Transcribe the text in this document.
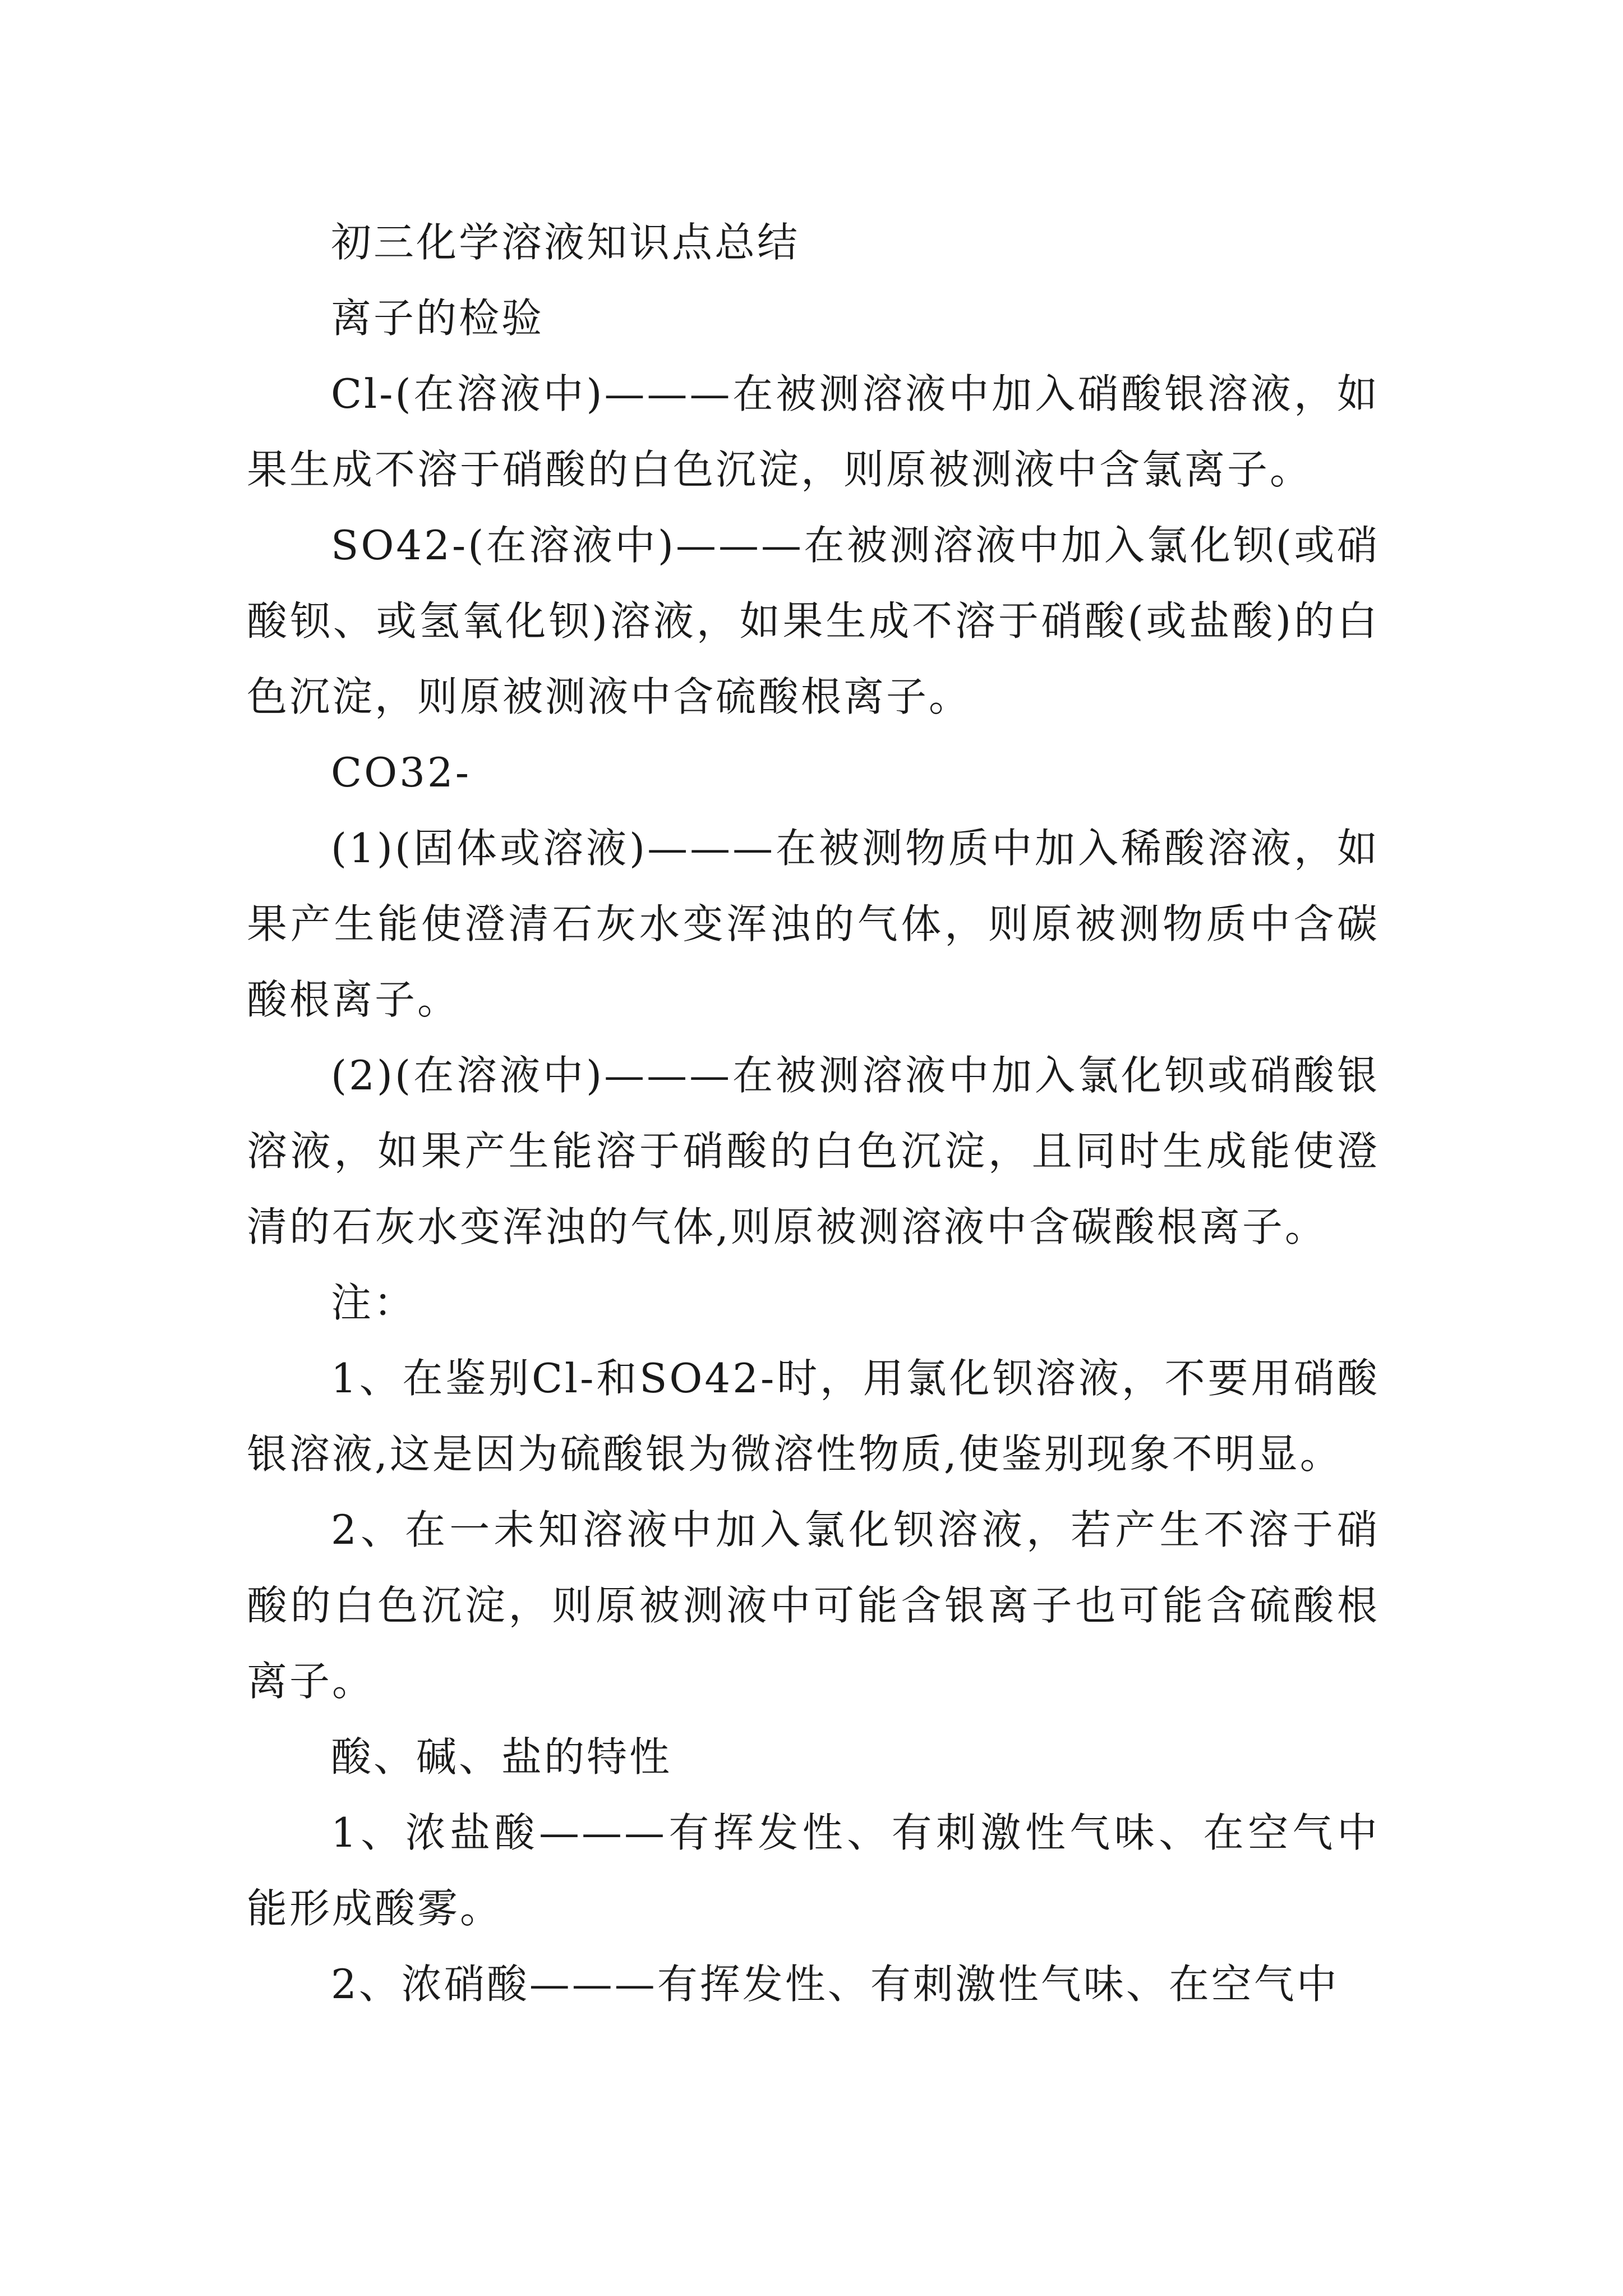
初三化学溶液知识点总结

离子的检验

Cl-(在溶液中)———在被测溶液中加入硝酸银溶液，如果生成不溶于硝酸的白色沉淀，则原被测液中含氯离子。

SO42-(在溶液中)———在被测溶液中加入氯化钡(或硝酸钡、或氢氧化钡)溶液，如果生成不溶于硝酸(或盐酸)的白色沉淀，则原被测液中含硫酸根离子。

CO32-

(1)(固体或溶液)———在被测物质中加入稀酸溶液，如果产生能使澄清石灰水变浑浊的气体，则原被测物质中含碳酸根离子。

(2)(在溶液中)———在被测溶液中加入氯化钡或硝酸银溶液，如果产生能溶于硝酸的白色沉淀，且同时生成能使澄清的石灰水变浑浊的气体,则原被测溶液中含碳酸根离子。

注：

1、在鉴别Cl-和SO42-时，用氯化钡溶液，不要用硝酸银溶液,这是因为硫酸银为微溶性物质,使鉴别现象不明显。

2、在一未知溶液中加入氯化钡溶液，若产生不溶于硝酸的白色沉淀，则原被测液中可能含银离子也可能含硫酸根离子。

酸、碱、盐的特性

1、浓盐酸———有挥发性、有刺激性气味、在空气中能形成酸雾。

2、浓硝酸———有挥发性、有刺激性气味、在空气中
